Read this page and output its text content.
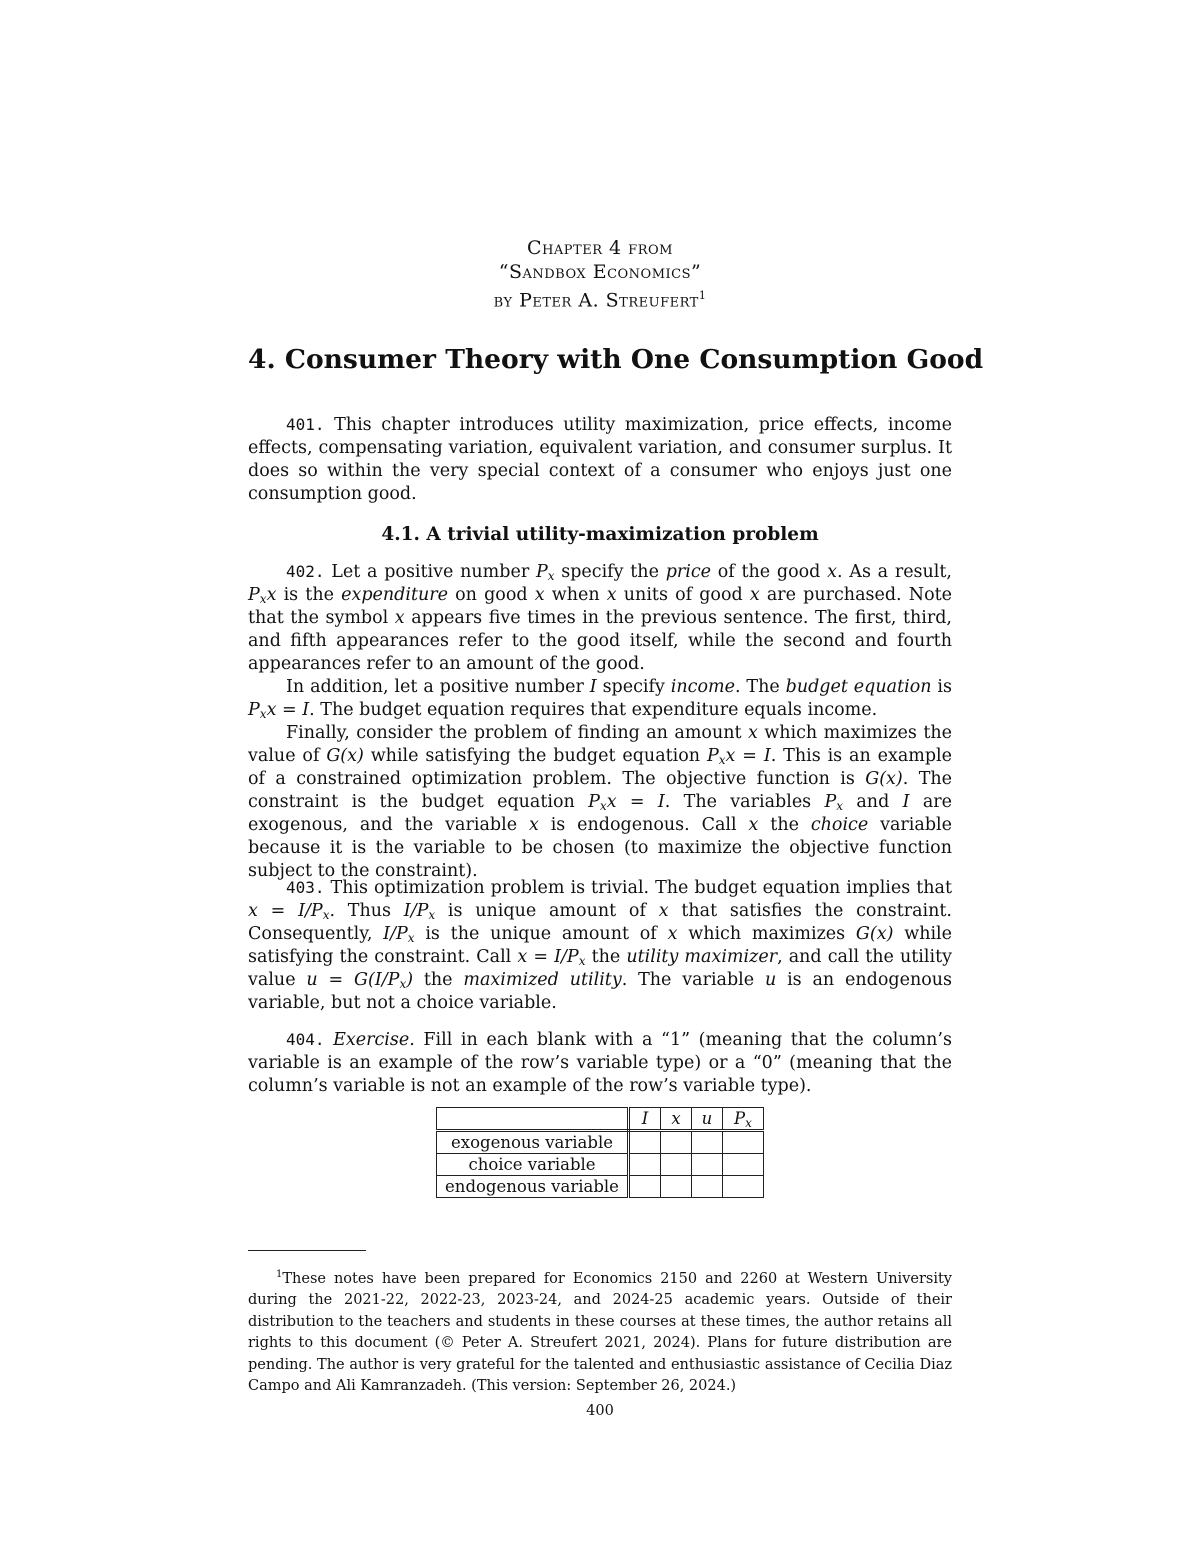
Chapter 4 from
“Sandbox Economics”
by Peter A. Streufert$^1$
4. Consumer Theory with One Consumption Good
401. This chapter introduces utility maximization, price effects, income effects, compensating variation, equivalent variation, and consumer surplus. It does so within the very special context of a consumer who enjoys just one consumption good.
4.1. A trivial utility-maximization problem
402. Let a positive number $P_x$ specify the price of the good x. As a result, $P_xx$ is the expenditure on good x when x units of good x are purchased. Note that the symbol x appears five times in the previous sentence. The first, third, and fifth appearances refer to the good itself, while the second and fourth appearances refer to an amount of the good.
In addition, let a positive number I specify income. The budget equation is $P_xx = I$. The budget equation requires that expenditure equals income.
Finally, consider the problem of finding an amount x which maximizes the value of G(x) while satisfying the budget equation $P_xx = I$. This is an example of a constrained optimization problem. The objective function is G(x). The constraint is the budget equation $P_xx = I$. The variables $P_x$ and I are exogenous, and the variable x is endogenous. Call x the choice variable because it is the variable to be chosen (to maximize the objective function subject to the constraint).
403. This optimization problem is trivial. The budget equation implies that $x = I/P_x$. Thus $I/P_x$ is unique amount of x that satisfies the constraint. Consequently, $I/P_x$ is the unique amount of x which maximizes G(x) while satisfying the constraint. Call $x = I/P_x$ the utility maximizer, and call the utility value $u = G(I/P_x)$ the maximized utility. The variable u is an endogenous variable, but not a choice variable.
404. Exercise. Fill in each blank with a “1” (meaning that the column’s variable is an example of the row’s variable type) or a “0” (meaning that the column’s variable is not an example of the row’s variable type).
	I	x	u	$P_x$
exogenous variable				
choice variable				
endogenous variable				
$^1$These notes have been prepared for Economics 2150 and 2260 at Western University during the 2021-22, 2022-23, 2023-24, and 2024-25 academic years. Outside of their distribution to the teachers and students in these courses at these times, the author retains all rights to this document (© Peter A. Streufert 2021, 2024). Plans for future distribution are pending. The author is very grateful for the talented and enthusiastic assistance of Cecilia Diaz Campo and Ali Kamranzadeh. (This version: September 26, 2024.)
400
